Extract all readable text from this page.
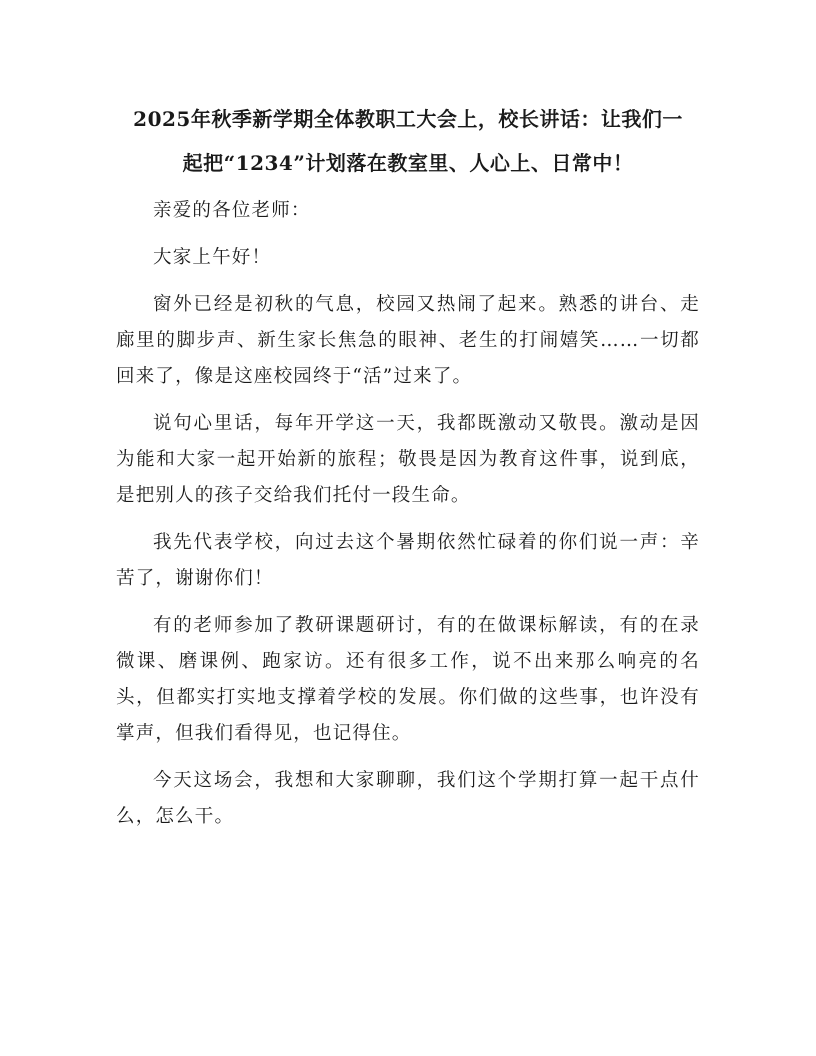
2025年秋季新学期全体教职工大会上，校长讲话：让我们一
起把“1234”计划落在教室里、人心上、日常中！

亲爱的各位老师：

大家上午好！

窗外已经是初秋的气息，校园又热闹了起来。熟悉的讲台、走廊里的脚步声、新生家长焦急的眼神、老生的打闹嬉笑……一切都回来了，像是这座校园终于“活”过来了。

说句心里话，每年开学这一天，我都既激动又敬畏。激动是因为能和大家一起开始新的旅程；敬畏是因为教育这件事，说到底，是把别人的孩子交给我们托付一段生命。

我先代表学校，向过去这个暑期依然忙碌着的你们说一声：辛苦了，谢谢你们！

有的老师参加了教研课题研讨，有的在做课标解读，有的在录微课、磨课例、跑家访。还有很多工作，说不出来那么响亮的名头，但都实打实地支撑着学校的发展。你们做的这些事，也许没有掌声，但我们看得见，也记得住。

今天这场会，我想和大家聊聊，我们这个学期打算一起干点什么，怎么干。
